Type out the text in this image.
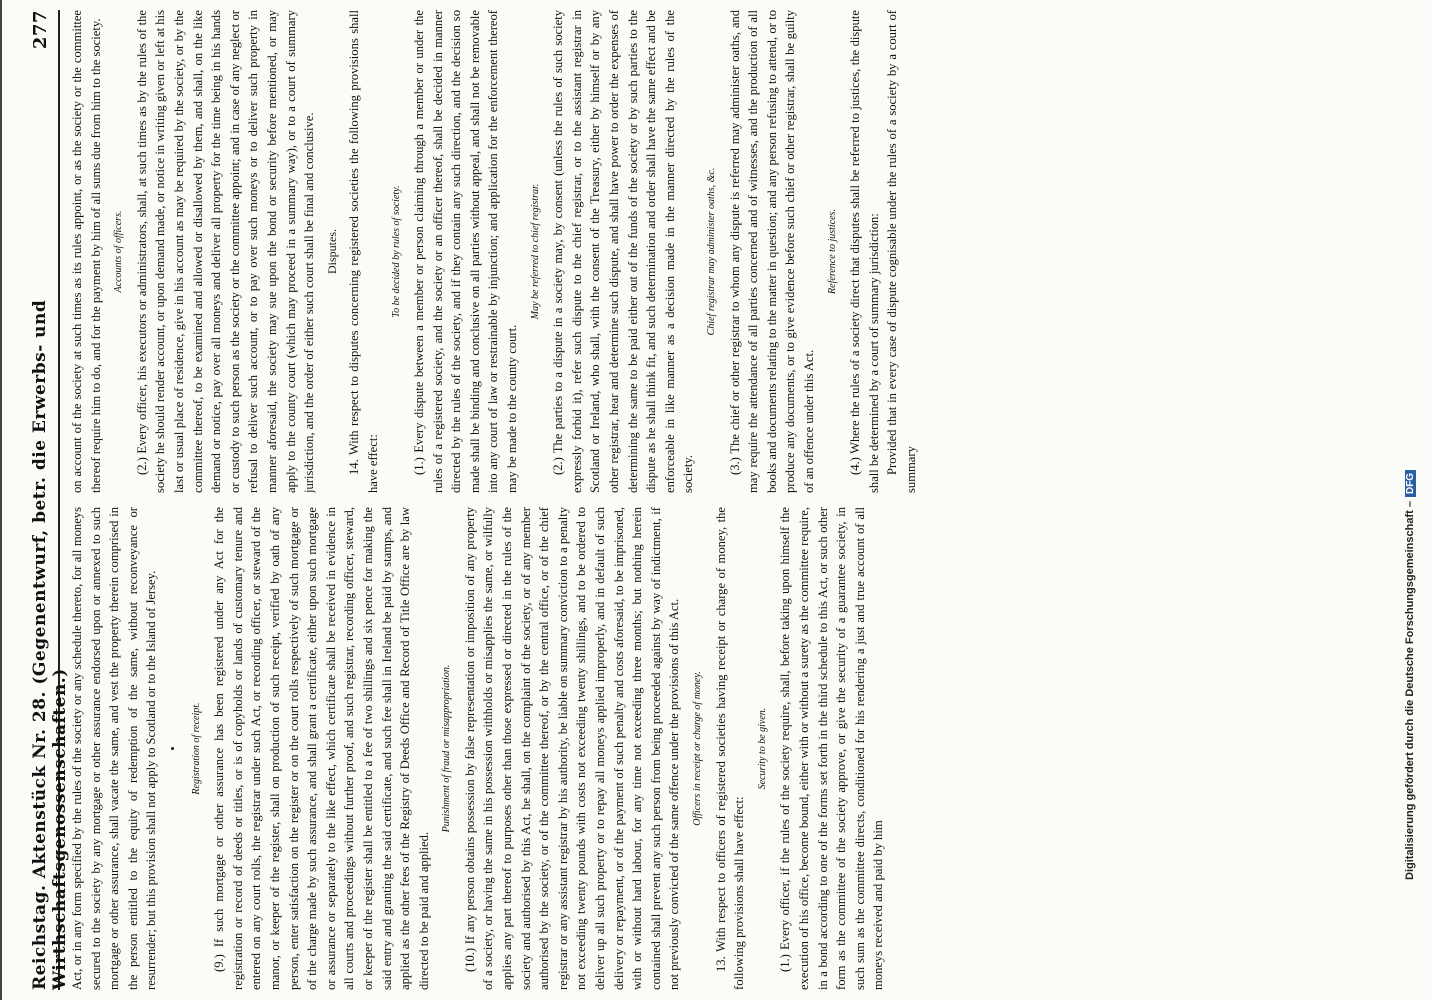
Reichstag. Aktenstück Nr. 28. (Gegenentwurf, betr. die Erwerbs- und Wirthschaftsgenossenschaften.)
277

Act, or in any form specified by the rules of the society or any schedule thereto, for all moneys secured to the society by any mortgage or other assurance endorsed upon or annexed to such mortgage or other assurance, shall vacate the same, and vest the property therein comprised in the person entitled to the equity of redemption of the same, without reconveyance or resurrender; but this provision shall not apply to Scotland or to the Island of Jersey. •	Registration of receipt. (9.) If such mortgage or other assurance has been registered under any Act for the registration or record of deeds or titles, or is of copyholds or lands of customary tenure and entered on any court rolls, the registrar under such Act, or recording officer, or steward of the manor, or keeper of the register, shall on production of such receipt, verified by oath of any person, enter satisfaction on the register or on the court rolls respectively of such mortgage or of the charge made by such assurance, and shall grant a certificate, either upon such mortgage or assurance or separately to the like effect, which certificate shall be received in evidence in all courts and proceedings without further proof, and such registrar, recording officer, steward, or keeper of the register shall be entitled to a fee of two shillings and six pence for making the said entry and granting the said certificate, and such fee shall in Ireland be paid by stamps, and applied as the other fees of the Registry of Deeds Office and Record of Title Office are by law directed to be paid and applied.

Punishment of fraud or misappropriation. (10.) If any person obtains possession by false representation or imposition of any property of a society, or having the same in his possession withholds or misapplies the same, or wilfully applies any part thereof to purposes other than those expressed or directed in the rules of the society and authorised by this Act, he shall, on the complaint of the society, or of any member authorised by the society, or of the committee thereof, or by the central office, or of the chief registrar or any assistant registrar by his authority, be liable on summary conviction to a penalty not exceeding twenty pounds with costs not exceeding twenty shillings, and to be ordered to deliver up all such property or to repay all moneys applied improperly, and in default of such delivery or repayment, or of the payment of such penalty and costs aforesaid, to be imprisoned, with or without hard labour, for any time not exceeding three months; but nothing herein contained shall prevent any such person from being proceeded against by way of indictment, if not previously convicted of the same offence under the provisions of this Act.	Officers in receipt or charge of money. 13. With respect to officers of registered societies having receipt or charge of money, the following provisions shall have effect:

Security to be given. (1.) Every officer, if the rules of the society require, shall, before taking upon himself the execution of his office, become bound, either with or without a surety as the committee require, in a bond according to one of the forms set forth in the third schedule to this Act, or such other form as the committee of the society approve, or give the security of a guarantee society, in such sum as the committee directs, conditioned for his rendering a just and true account of all moneys received and paid by him

on account of the society at such times as its rules appoint, or as the society or the committee thereof require him to do, and for the payment by him of all sums due from him to the society.	Accounts of officers. (2.) Every officer, his executors or administrators, shall, at such times as by the rules of the society he should render account, or upon demand made, or notice in writing given or left at his last or usual place of residence, give in his account as may be required by the society, or by the committee thereof, to be examined and allowed or disallowed by them, and shall, on the like demand or notice, pay over all moneys and deliver all property for the time being in his hands or custody to such person as the society or the committee appoint; and in case of any neglect or refusal to deliver such account, or to pay over such moneys or to deliver such property in manner aforesaid, the society may sue upon the bond or security before mentioned, or may apply to the county court (which may proceed in a summary way), or to a court of summary jurisdiction, and the order of either such court shall be final and conclusive. Disputes. 14. With respect to disputes concerning registered societies the following provisions shall have effect:

To be decided by rules of society. (1.) Every dispute between a member or person claiming through a member or under the rules of a registered society, and the society or an officer thereof, shall be decided in manner directed by the rules of the society, and if they contain any such direction, and the decision so made shall be binding and conclusive on all parties without appeal, and shall not be removable into any court of law or restrainable by injunction; and application for the enforcement thereof may be made to the county court.

May be referred to chief registrar. (2.) The parties to a dispute in a society may, by consent (unless the rules of such society expressly forbid it), refer such dispute to the chief registrar, or to the assistant registrar in Scotland or Ireland, who shall, with the consent of the Treasury, either by himself or by any other registrar, hear and determine such dispute, and shall have power to order the expenses of determining the same to be paid either out of the funds of the society or by such parties to the dispute as he shall think fit, and such determination and order shall have the same effect and be enforceable in like manner as a decision made in the manner directed by the rules of the society.

Chief registrar may administer oaths, &c. (3.) The chief or other registrar to whom any dispute is referred may administer oaths, and may require the attendance of all parties concerned and of witnesses, and the production of all books and documents relating to the matter in question; and any person refusing to attend, or to produce any documents, or to give evidence before such chief or other registrar, shall be guilty of an offence under this Act.

Reference to justices. (4.) Where the rules of a society direct that disputes shall be referred to justices, the dispute shall be determined by a court of summary jurisdiction: Provided that in every case of dispute cognisable under the rules of a society by a court of summary

Digitalisierung gefördert durch die Deutsche Forschungsgemeinschaft –DFG
